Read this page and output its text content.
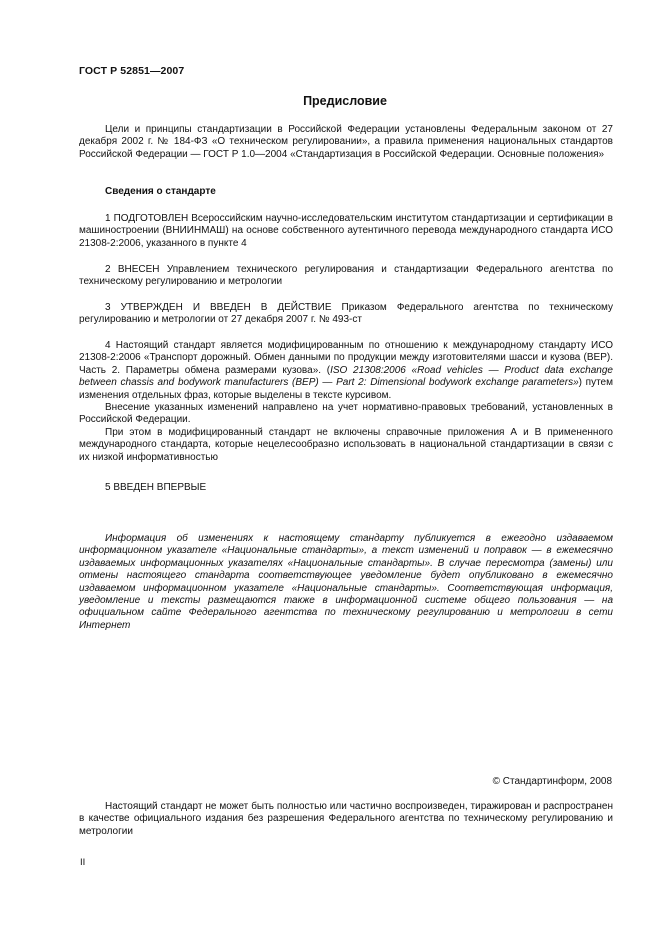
ГОСТ Р 52851—2007
Предисловие

Цели и принципы стандартизации в Российской Федерации установлены Федеральным законом от 27 декабря 2002 г. № 184-ФЗ «О техническом регулировании», а правила применения национальных стандартов Российской Федерации — ГОСТ Р 1.0—2004 «Стандартизация в Российской Федерации. Основные положения»

Сведения о стандарте

1 ПОДГОТОВЛЕН Всероссийским научно-исследовательским институтом стандартизации и сертификации в машиностроении (ВНИИНМАШ) на основе собственного аутентичного перевода международного стандарта ИСО 21308-2:2006, указанного в пункте 4

2 ВНЕСЕН Управлением технического регулирования и стандартизации Федерального агентства по техническому регулированию и метрологии

3 УТВЕРЖДЕН И ВВЕДЕН В ДЕЙСТВИЕ Приказом Федерального агентства по техническому регулированию и метрологии от 27 декабря 2007 г. № 493-ст

4 Настоящий стандарт является модифицированным по отношению к международному стандарту ИСО 21308-2:2006 «Транспорт дорожный. Обмен данными по продукции между изготовителями шасси и кузова (ВЕР). Часть 2. Параметры обмена размерами кузова». (ISO 21308:2006 «Road vehicles — Product data exchange between chassis and bodywork manufacturers (BEP) — Part 2: Dimensional bodywork exchange parameters») путем изменения отдельных фраз, которые выделены в тексте курсивом.

Внесение указанных изменений направлено на учет нормативно-правовых требований, установленных в Российской Федерации.

При этом в модифицированный стандарт не включены справочные приложения А и В примененного международного стандарта, которые нецелесообразно использовать в национальной стандартизации в связи с их низкой информативностью

5 ВВЕДЕН ВПЕРВЫЕ

Информация об изменениях к настоящему стандарту публикуется в ежегодно издаваемом информационном указателе «Национальные стандарты», а текст изменений и поправок — в ежемесячно издаваемых информационных указателях «Национальные стандарты». В случае пересмотра (замены) или отмены настоящего стандарта соответствующее уведомление будет опубликовано в ежемесячно издаваемом информационном указателе «Национальные стандарты». Соответствующая информация, уведомление и тексты размещаются также в информационной системе общего пользования — на официальном сайте Федерального агентства по техническому регулированию и метрологии в сети Интернет

© Стандартинформ, 2008

Настоящий стандарт не может быть полностью или частично воспроизведен, тиражирован и распространен в качестве официального издания без разрешения Федерального агентства по техническому регулированию и метрологии

II
